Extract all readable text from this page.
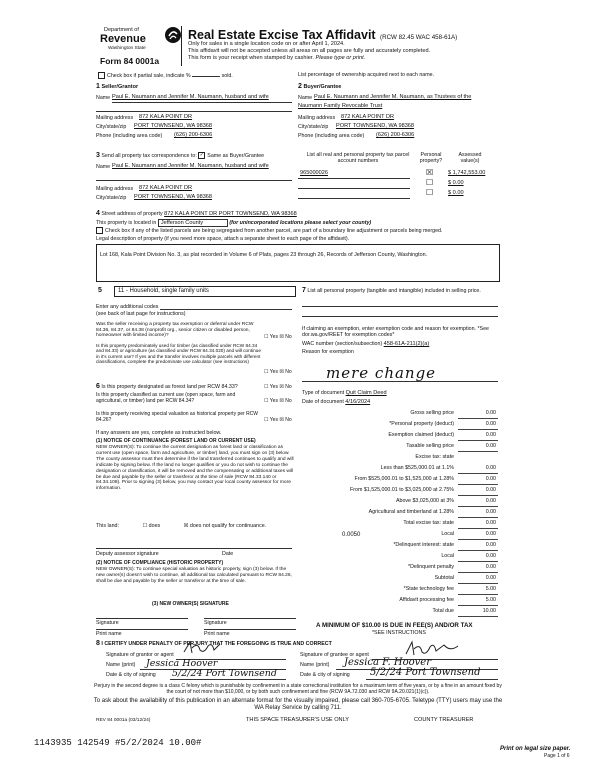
Department of
Revenue
Washington State
Form 84 0001a
Real Estate Excise Tax Affidavit (RCW 82.45 WAC 458-61A)
Only for sales in a single location code on or after April 1, 2024.
This affidavit will not be accepted unless all areas on all pages are fully and accurately completed.
This form is your receipt when stamped by cashier. Please type or print.
Check box if partial sale, indicate %	sold.	List percentage of ownership acquired next to each name.
1 Seller/Grantor
Name Paul E. Naumann and Jennifer M. Naumann, husband and wife
Mailing address 872 KALA POINT DR
City/state/zip PORT TOWNSEND, WA 98368
Phone (including area code) (626) 200-6306
2 Buyer/Grantee
Name Paul E. Naumann and Jennifer M. Naumann, as Trustees of the
Naumann Family Revocable Trust
Mailing address 872 KALA POINT DR
City/state/zip PORT TOWNSEND, WA 98368
Phone (including area code) (626) 200-6306
3 Send all property tax correspondence to: ✓ Same as Buyer/Grantee
Name Paul E. Naumann and Jennifer M. Naumann, husband and wife
Mailing address 872 KALA POINT DR
City/state/zip PORT TOWNSEND, WA 98368
List all real and personal property tax parcel account numbers
Personal property?
Assessed value(s)
965000026	☒	$ 1,742,553.00
☐	$ 0.00
☐	$ 0.00
4 Street address of property 872 KALA POINT DR PORT TOWNSEND, WA 98368
This property is located in Jefferson County	(for unincorporated locations please select your county)
Check box if any of the listed parcels are being segregated from another parcel, are part of a boundary line adjustment or parcels being merged.
Legal description of property (if you need more space, attach a separate sheet to each page of the affidavit).
Lot 168, Kala Point Division No. 3, as plat recorded in Volume 6 of Plats, pages 23 through 26, Records of Jefferson County, Washington.
5	11 - Household, single family units
Enter any additional codes
(see back of last page for instructions)
Was the seller receiving a property tax exemption or deferral under RCW 84.36, 84.37, or 84.38 (nonprofit org., senior citizen or disabled person, homeowner with limited income)?	☐ Yes ☒ No
Is this property predominately used for timber (as classified under RCW 84.34 and 84.33) or agriculture (as classified under RCW 84.34.020) and will continue in it's current use? If yes and the transfer involves multiple parcels with different classifications, complete the predominate use calculator (see instructions)
☐ Yes ☒ No
6 Is this property designated as forest land per RCW 84.33?	☐ Yes ☒ No
Is this property classified as current use (open space, farm and agricultural, or timber) land per RCW 84.34?	☐ Yes ☒ No
Is this property receiving special valuation as historical property per RCW 84.26?	☐ Yes ☒ No
If any answers are yes, complete as instructed below.
(1) NOTICE OF CONTINUANCE (FOREST LAND OR CURRENT USE)
NEW OWNER(S): To continue the current designation as forest land or classification as current use (open space, farm and agriculture, or timber) land, you must sign on (3) below. The county assessor must then determine if the land transferred continues to qualify and will indicate by signing below. If the land no longer qualifies or you do not wish to continue the designation or classification, it will be removed and the compensating or additional taxes will be due and payable by the seller or transferor at the time of sale (RCW 84.33.140 or 84.34.108). Prior to signing (3) below, you may contact your local county assessor for more information.
This land:	☐ does	☒ does not qualify for continuance.
Deputy assessor signature	Date
(2) NOTICE OF COMPLIANCE (HISTORIC PROPERTY)
NEW OWNER(S): To continue special valuation as historic property, sign (3) below. If the new owner(s) doesn't wish to continue, all additional tax calculated pursuant to RCW 84.26, shall be due and payable by the seller or transferor at the time of sale.
(3) NEW OWNER(S) SIGNATURE
Signature	Signature
Print name	Print name
7 List all personal property (tangible and intangible) included in selling price.
If claiming an exemption, enter exemption code and reason for exemption. *See dor.wa.gov/REET for exemption codes*
WAC number (section/subsection) 458-61A-211(2)(a)
Reason for exemption
mere change
Type of document Quit Claim Deed
Date of document 4/16/2024
Gross selling price	0.00
*Personal property (deduct)	0.00
Exemption claimed (deduct)	0.00
Taxable selling price	0.00
Excise tax: state
Less than $525,000.01 at 1.1%	0.00
From $525,000.01 to $1,525,000 at 1.28%	0.00
From $1,525,000.01 to $3,025,000 at 2.75%	0.00
Above $3,025,000 at 3%	0.00
Agricultural and timberland at 1.28%	0.00
Total excise tax: state	0.00
0.0050	Local	0.00
*Delinquent interest: state	0.00
Local	0.00
*Delinquent penalty	0.00
Subtotal	0.00
*State technology fee	5.00
Affidavit processing fee	5.00
Total due	10.00
A MINIMUM OF $10.00 IS DUE IN FEE(S) AND/OR TAX
*SEE INSTRUCTIONS
8 I CERTIFY UNDER PENALTY OF PERJURY THAT THE FOREGOING IS TRUE AND CORRECT
Signature of grantor or agent
Name (print) Jessica Hoover
Date & city of signing 5/2/24 Port Townsend
Signature of grantee or agent
Name (print) Jessica F. Hoover
Date & city of signing 5/2/24 Port Townsend
Perjury in the second degree is a class C felony which is punishable by confinement in a state correctional institution for a maximum term of five years, or by a fine in an amount fixed by the court of not more than $10,000, or by both such confinement and fine (RCW 9A.72.030 and RCW 9A.20.021(1)(c)).
To ask about the availability of this publication in an alternate format for the visually impaired, please call 360-705-6705. Teletype (TTY) users may use the WA Relay Service by calling 711.
REV 84 0001a (03/12/24)	THIS SPACE TREASURER'S USE ONLY	COUNTY TREASURER
1143935 142549 #5/2/2024 10.00#
Print on legal size paper.
Page 1 of 6
